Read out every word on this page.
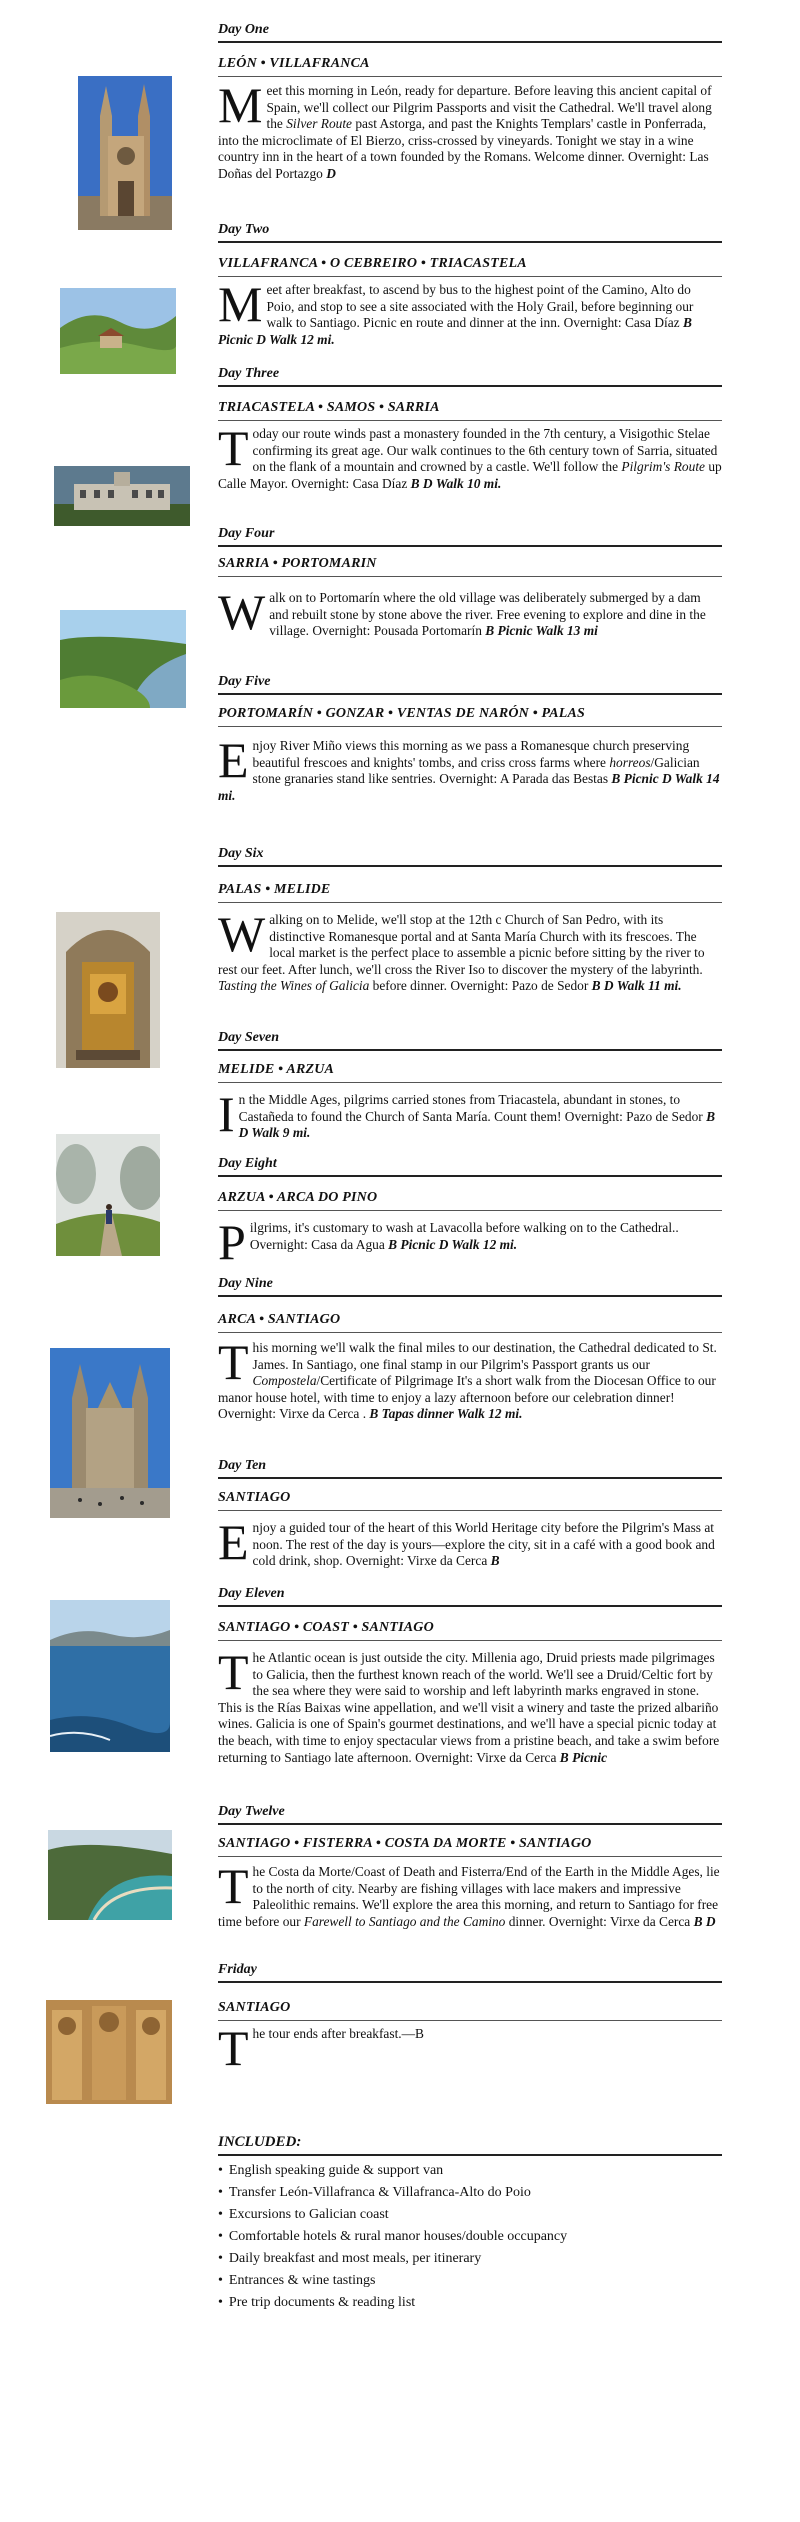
Day One
LEÓN • VILLAFRANCA
Meet this morning in León, ready for departure. Before leaving this ancient capital of Spain, we'll collect our Pilgrim Passports and visit the Cathedral. We'll travel along the Silver Route past Astorga, and past the Knights Templars' castle in Ponferrada, into the microclimate of El Bierzo, criss-crossed by vineyards. Tonight we stay in a wine country inn in the heart of a town founded by the Romans. Welcome dinner. Overnight: Las Doñas del Portazgo D
Day Two
VILLAFRANCA • O CEBREIRO • TRIACASTELA
Meet after breakfast, to ascend by bus to the highest point of the Camino, Alto do Poio, and stop to see a site associated with the Holy Grail, before beginning our walk to Santiago. Picnic en route and dinner at the inn. Overnight: Casa Díaz B Picnic D Walk 12 mi.
Day Three
TRIACASTELA • SAMOS • SARRIA
Today our route winds past a monastery founded in the 7th century, a Visigothic Stelae confirming its great age. Our walk continues to the 6th century town of Sarria, situated on the flank of a mountain and crowned by a castle. We'll follow the Pilgrim's Route up Calle Mayor. Overnight: Casa Díaz B D Walk 10 mi.
Day Four
SARRIA • PORTOMARIN
Walk on to Portomarín where the old village was deliberately submerged by a dam and rebuilt stone by stone above the river. Free evening to explore and dine in the village. Overnight: Pousada Portomarín B Picnic Walk 13 mi
Day Five
PORTOMARÍN • GONZAR • VENTAS DE NARÓN • PALAS
Enjoy River Miño views this morning as we pass a Romanesque church preserving beautiful frescoes and knights' tombs, and criss cross farms where horreos/Galician stone granaries stand like sentries. Overnight: A Parada das Bestas B Picnic D Walk 14 mi.
Day Six
PALAS • MELIDE
Walking on to Melide, we'll stop at the 12th c Church of San Pedro, with its distinctive Romanesque portal and at Santa María Church with its frescoes. The local market is the perfect place to assemble a picnic before sitting by the river to rest our feet. After lunch, we'll cross the River Iso to discover the mystery of the labyrinth. Tasting the Wines of Galicia before dinner. Overnight: Pazo de Sedor B D Walk 11 mi.
Day Seven
MELIDE • ARZUA
In the Middle Ages, pilgrims carried stones from Triacastela, abundant in stones, to Castañeda to found the Church of Santa María. Count them! Overnight: Pazo de Sedor B D Walk 9 mi.
Day Eight
ARZUA • ARCA DO PINO
Pilgrims, it's customary to wash at Lavacolla before walking on to the Cathedral.. Overnight: Casa da Agua B Picnic D Walk 12 mi.
Day Nine
ARCA • SANTIAGO
This morning we'll walk the final miles to our destination, the Cathedral dedicated to St. James. In Santiago, one final stamp in our Pilgrim's Passport grants us our Compostela/Certificate of Pilgrimage It's a short walk from the Diocesan Office to our manor house hotel, with time to enjoy a lazy afternoon before our celebration dinner! Overnight: Virxe da Cerca . B Tapas dinner Walk 12 mi.
Day Ten
SANTIAGO
Enjoy a guided tour of the heart of this World Heritage city before the Pilgrim's Mass at noon. The rest of the day is yours—explore the city, sit in a café with a good book and cold drink, shop. Overnight: Virxe da Cerca B
Day Eleven
SANTIAGO • COAST • SANTIAGO
The Atlantic ocean is just outside the city. Millenia ago, Druid priests made pilgrimages to Galicia, then the furthest known reach of the world. We'll see a Druid/Celtic fort by the sea where they were said to worship and left labyrinth marks engraved in stone. This is the Rías Baixas wine appellation, and we'll visit a winery and taste the prized albariño wines. Galicia is one of Spain's gourmet destinations, and we'll have a special picnic today at the beach, with time to enjoy spectacular views from a pristine beach, and take a swim before returning to Santiago late afternoon. Overnight: Virxe da Cerca B Picnic
Day Twelve
SANTIAGO • FISTERRA • COSTA DA MORTE • SANTIAGO
The Costa da Morte/Coast of Death and Fisterra/End of the Earth in the Middle Ages, lie to the north of city. Nearby are fishing villages with lace makers and impressive Paleolithic remains. We'll explore the area this morning, and return to Santiago for free time before our Farewell to Santiago and the Camino dinner. Overnight: Virxe da Cerca B D
Friday
SANTIAGO
The tour ends after breakfast.—B
INCLUDED:
• English speaking guide & support van
• Transfer León-Villafranca & Villafranca-Alto do Poio
• Excursions to Galician coast
• Comfortable hotels & rural manor houses/double occupancy
• Daily breakfast and most meals, per itinerary
• Entrances & wine tastings
• Pre trip documents & reading list
